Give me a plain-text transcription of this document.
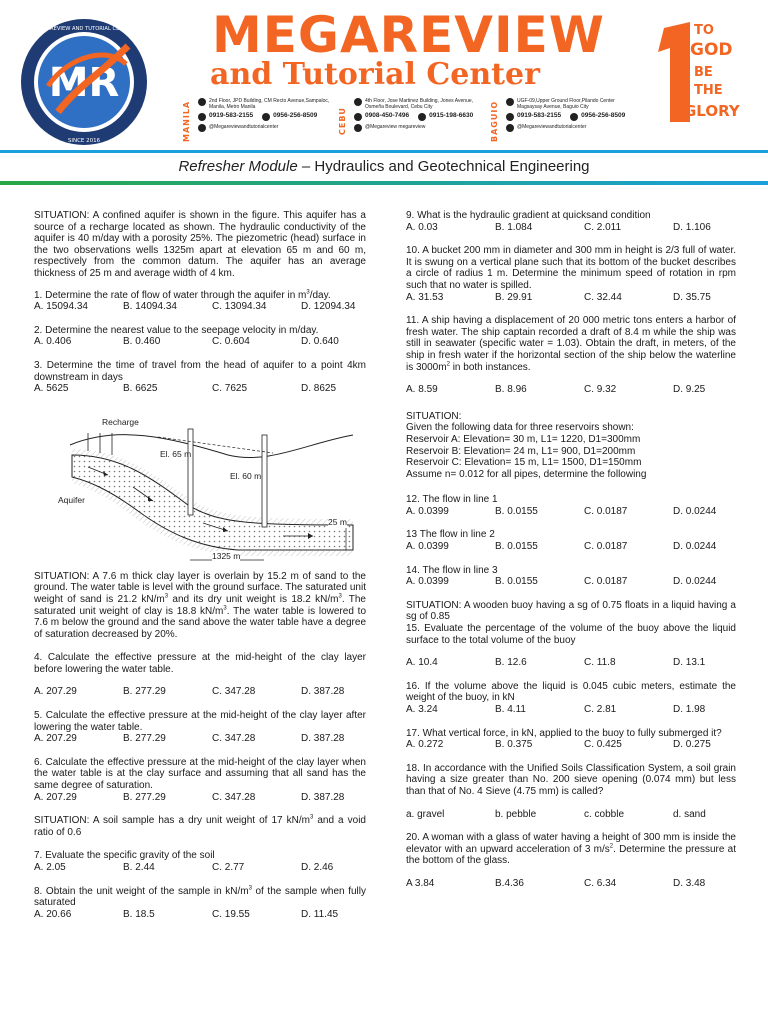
MR
MEGAREVIEW AND TUTORIAL CENTER
SINCE 2016
MEGAREVIEW
and Tutorial Center
MANILA	2nd Floor, JPD Building, CM Recto Avenue,Sampaloc, Manila, Metro Manila
0919-583-2155	0956-256-8509
@Megareviewandtutorialcenter	CEBU
4th Floor, Jose Martinez Building, Jones Avenue, Osmeña Boulevard, Cebu City
0908-450-7496	0915-198-6630
@Megareview megareview	BAGUIO	UGF-09,Upper Ground Floor,Pilando Center Magsaysay Avenue, Baguio City
0919-583-2155	0956-256-8509
@Megareviewandtutorialcenter
TO
GOD
BE
THE
GLORY
Refresher Module – Hydraulics and Geotechnical Engineering
SITUATION: A confined aquifer is shown in the figure. This aquifer has a source of a recharge located as shown. The hydraulic conductivity of the aquifer is 40 m/day with a porosity 25%. The piezometric (head) surface in the two observations wells 1325m apart at elevation 65 m and 60 m, respectively from the common datum. The aquifer has an average thickness of 25 m and average width of 4 km.
1. Determine the rate of flow of water through the aquifer in $m^3$/day.
A. 15094.34	B. 14094.34	C. 13094.34	D. 12094.34
2. Determine the nearest value to the seepage velocity in m/day.
A. 0.406	B. 0.460	C. 0.604	D. 0.640
3. Determine the time of travel from the head of aquifer to a point 4km downstream in days
A. 5625	B. 6625	C. 7625	D. 8625
Recharge
El. 65 m
El. 60 m
Aquifer
25 m
1325 m
SITUATION: A 7.6 m thick clay layer is overlain by 15.2 m of sand to the ground. The water table is level with the ground surface. The saturated unit weight of sand is 21.2 $kN/m^3$ and its dry unit weight is 18.2 $kN/m^3$. The saturated unit weight of clay is 18.8 $kN/m^3$. The water table is lowered to 7.6 m below the ground and the sand above the water table have a degree of saturation decreased by 20%.
4. Calculate the effective pressure at the mid-height of the clay layer before lowering the water table.
A. 207.29	B. 277.29	C. 347.28	D. 387.28
5. Calculate the effective pressure at the mid-height of the clay layer after lowering the water table.
A. 207.29	B. 277.29	C. 347.28	D. 387.28
6. Calculate the effective pressure at the mid-height of the clay layer when the water table is at the clay surface and assuming that all sand has the same degree of saturation.
A. 207.29	B. 277.29	C. 347.28	D. 387.28
SITUATION: A soil sample has a dry unit weight of 17 $kN/m^3$ and a void ratio of 0.6
7. Evaluate the specific gravity of the soil
A. 2.05	B. 2.44	C. 2.77	D. 2.46
8. Obtain the unit weight of the sample in $kN/m^3$ of the sample when fully saturated
A. 20.66	B. 18.5	C. 19.55	D. 11.45
9. What is the hydraulic gradient at quicksand condition
A. 0.03	B. 1.084	C. 2.011	D. 1.106
10. A bucket 200 mm in diameter and 300 mm in height is 2/3 full of water. It is swung on a vertical plane such that its bottom of the bucket describes a circle of radius 1 m. Determine the minimum speed of rotation in rpm such that no water is spilled.
A. 31.53	B. 29.91	C. 32.44	D. 35.75
11. A ship having a displacement of 20 000 metric tons enters a harbor of fresh water. The ship captain recorded a draft of 8.4 m while the ship was still in seawater (specific water = 1.03). Obtain the draft, in meters, of the ship in fresh water if the horizontal section of the ship below the waterline is $3000m^2$ in both instances.
A. 8.59	B. 8.96	C. 9.32	D. 9.25
SITUATION:
Given the following data for three reservoirs shown:
Reservoir A: Elevation= 30 m, L1= 1220, D1=300mm
Reservoir B: Elevation= 24 m, L1= 900, D1=200mm
Reservoir C: Elevation= 15 m, L1= 1500, D1=150mm
Assume n= 0.012 for all pipes, determine the following
12. The flow in line 1
A. 0.0399	B. 0.0155	C. 0.0187	D. 0.0244
13 The flow in line 2
A. 0.0399	B. 0.0155	C. 0.0187	D. 0.0244
14. The flow in line 3
A. 0.0399	B. 0.0155	C. 0.0187	D. 0.0244
SITUATION: A wooden buoy having a sg of 0.75 floats in a liquid having a sg of 0.85
15. Evaluate the percentage of the volume of the buoy above the liquid surface to the total volume of the buoy
A. 10.4	B. 12.6	C. 11.8	D. 13.1
16. If the volume above the liquid is 0.045 cubic meters, estimate the weight of the buoy, in kN
A. 3.24	B. 4.11	C. 2.81	D. 1.98
17. What vertical force, in kN, applied to the buoy to fully submerged it?
A. 0.272	B. 0.375	C. 0.425	D. 0.275
18. In accordance with the Unified Soils Classification System, a soil grain having a size greater than No. 200 sieve opening (0.074 mm) but less than that of No. 4 Sieve (4.75 mm) is called?
a. gravel	b. pebble	c. cobble	d. sand
20. A woman with a glass of water having a height of 300 mm is inside the elevator with an upward acceleration of 3 $m/s^2$. Determine the pressure at the bottom of the glass.
A 3.84	B.4.36	C. 6.34	D. 3.48
